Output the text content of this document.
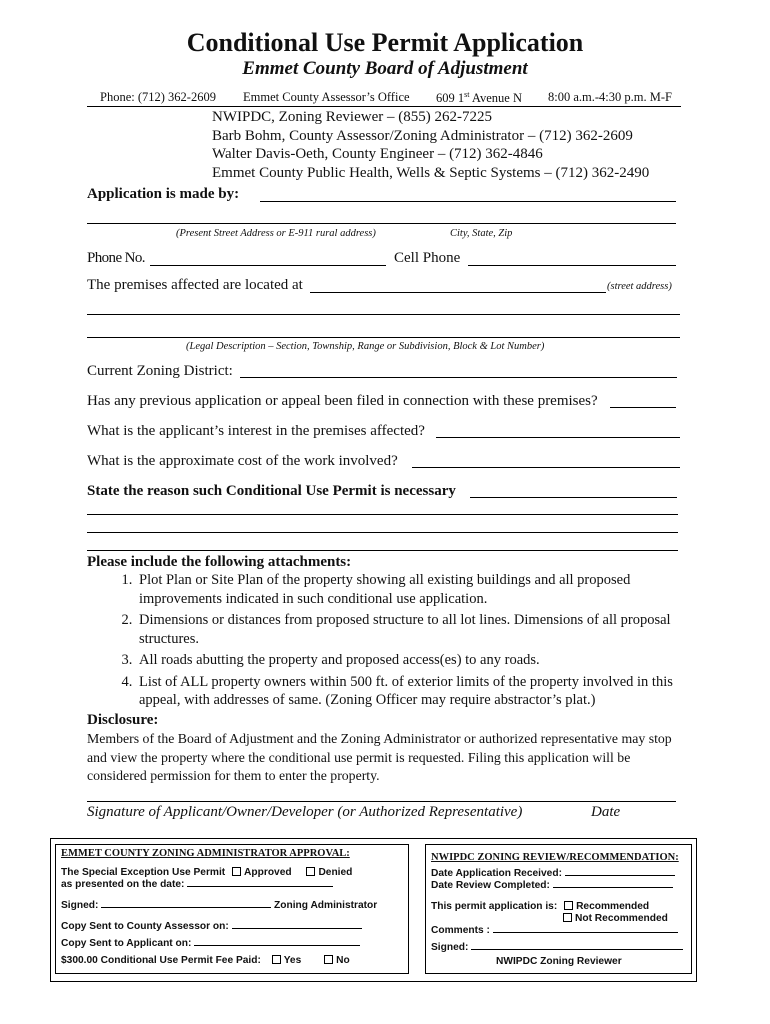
Conditional Use Permit Application
Emmet County Board of Adjustment
Phone: (712) 362-2609 Emmet County Assessor’s Office 609 1st Avenue N 8:00 a.m.-4:30 p.m. M-F
NWIPDC, Zoning Reviewer – (855) 262-7225
Barb Bohm, County Assessor/Zoning Administrator – (712) 362-2609
Walter Davis-Oeth, County Engineer – (712) 362-4846
Emmet County Public Health, Wells & Septic Systems – (712) 362-2490
Application is made by:
(Present Street Address or E-911 rural address)	City, State, Zip
Phone No.	Cell Phone
The premises affected are located at	(street address)
(Legal Description – Section, Township, Range or Subdivision, Block & Lot Number)
Current Zoning District:
Has any previous application or appeal been filed in connection with these premises?
What is the applicant’s interest in the premises affected?
What is the approximate cost of the work involved?
State the reason such Conditional Use Permit is necessary
Please include the following attachments:
1. Plot Plan or Site Plan of the property showing all existing buildings and all proposed improvements indicated in such conditional use application.
2. Dimensions or distances from proposed structure to all lot lines. Dimensions of all proposal structures.
3. All roads abutting the property and proposed access(es) to any roads.
4. List of ALL property owners within 500 ft. of exterior limits of the property involved in this appeal, with addresses of same. (Zoning Officer may require abstractor’s plat.)
Disclosure:
Members of the Board of Adjustment and the Zoning Administrator or authorized representative may stop and view the property where the conditional use permit is requested. Filing this application will be considered permission for them to enter the property.
Signature of Applicant/Owner/Developer (or Authorized Representative)	Date
EMMET COUNTY ZONING ADMINISTRATOR APPROVAL:
The Special Exception Use Permit Approved	Denied
as presented on the date:
Signed:	Zoning Administrator
Copy Sent to County Assessor on:
Copy Sent to Applicant on:
$300.00 Conditional Use Permit Fee Paid: Yes	No
NWIPDC ZONING REVIEW/RECOMMENDATION:
Date Application Received:
Date Review Completed:
This permit application is: Recommended
Not Recommended
Comments :
Signed:
NWIPDC Zoning Reviewer
